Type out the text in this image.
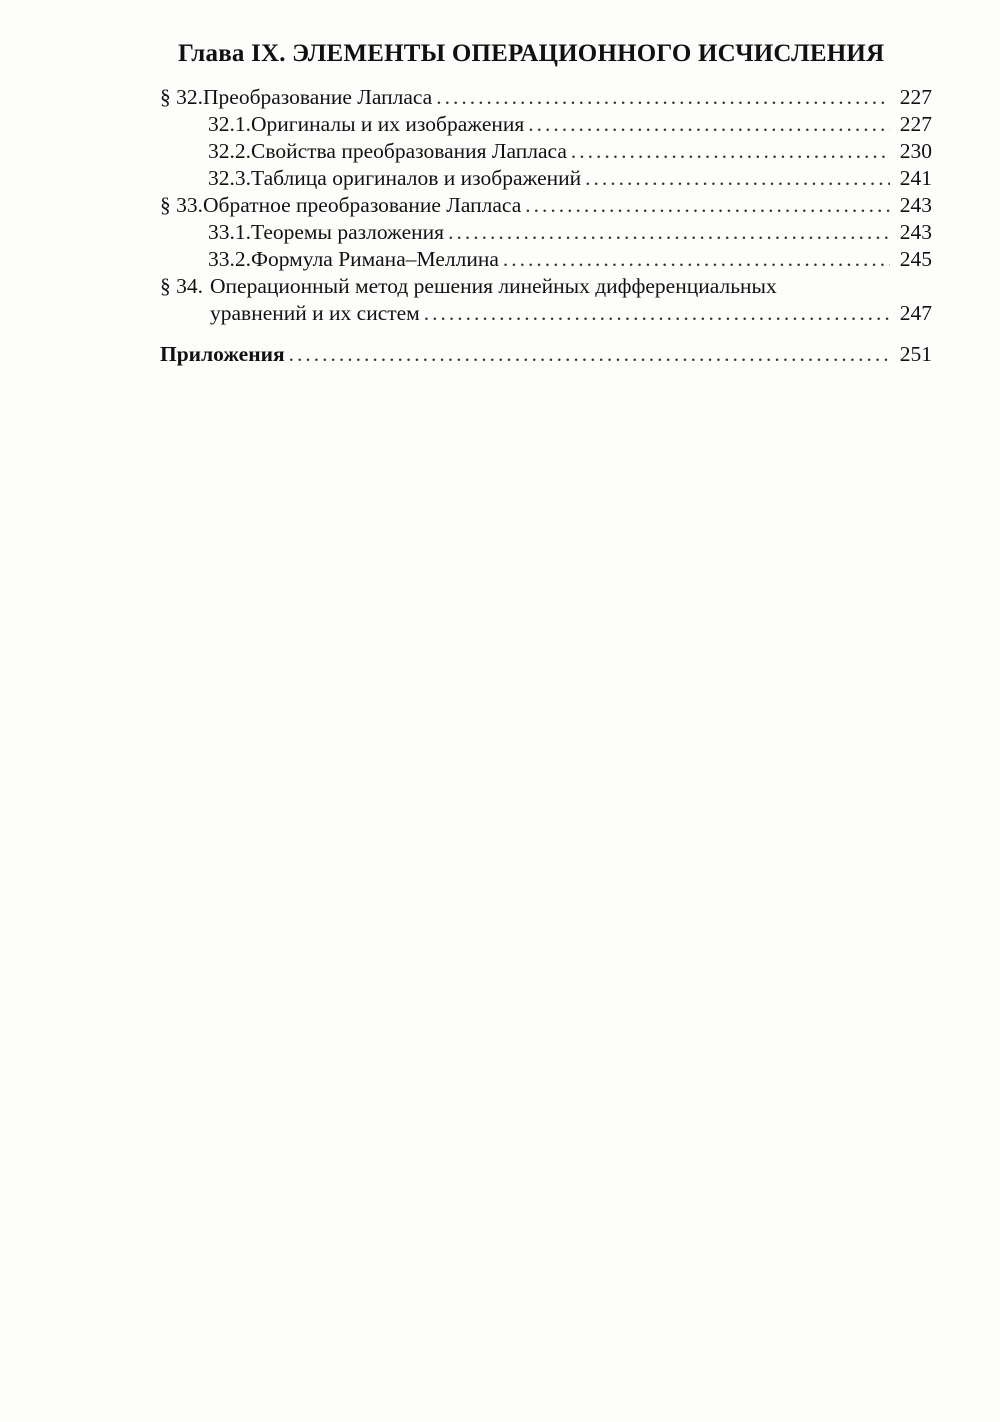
Глава IX. ЭЛЕМЕНТЫ ОПЕРАЦИОННОГО ИСЧИСЛЕНИЯ
§ 32. Преобразование Лапласа .....	227
32.1. Оригиналы и их изображения .....	227
32.2. Свойства преобразования Лапласа .....	230
32.3. Таблица оригиналов и изображений .....	241
§ 33. Обратное преобразование Лапласа .....	243
33.1. Теоремы разложения .....	243
33.2. Формула Римана–Меллина .....	245
§ 34. Операционный метод решения линейных дифференциальных
уравнений и их систем .....	247
Приложения .....	251
